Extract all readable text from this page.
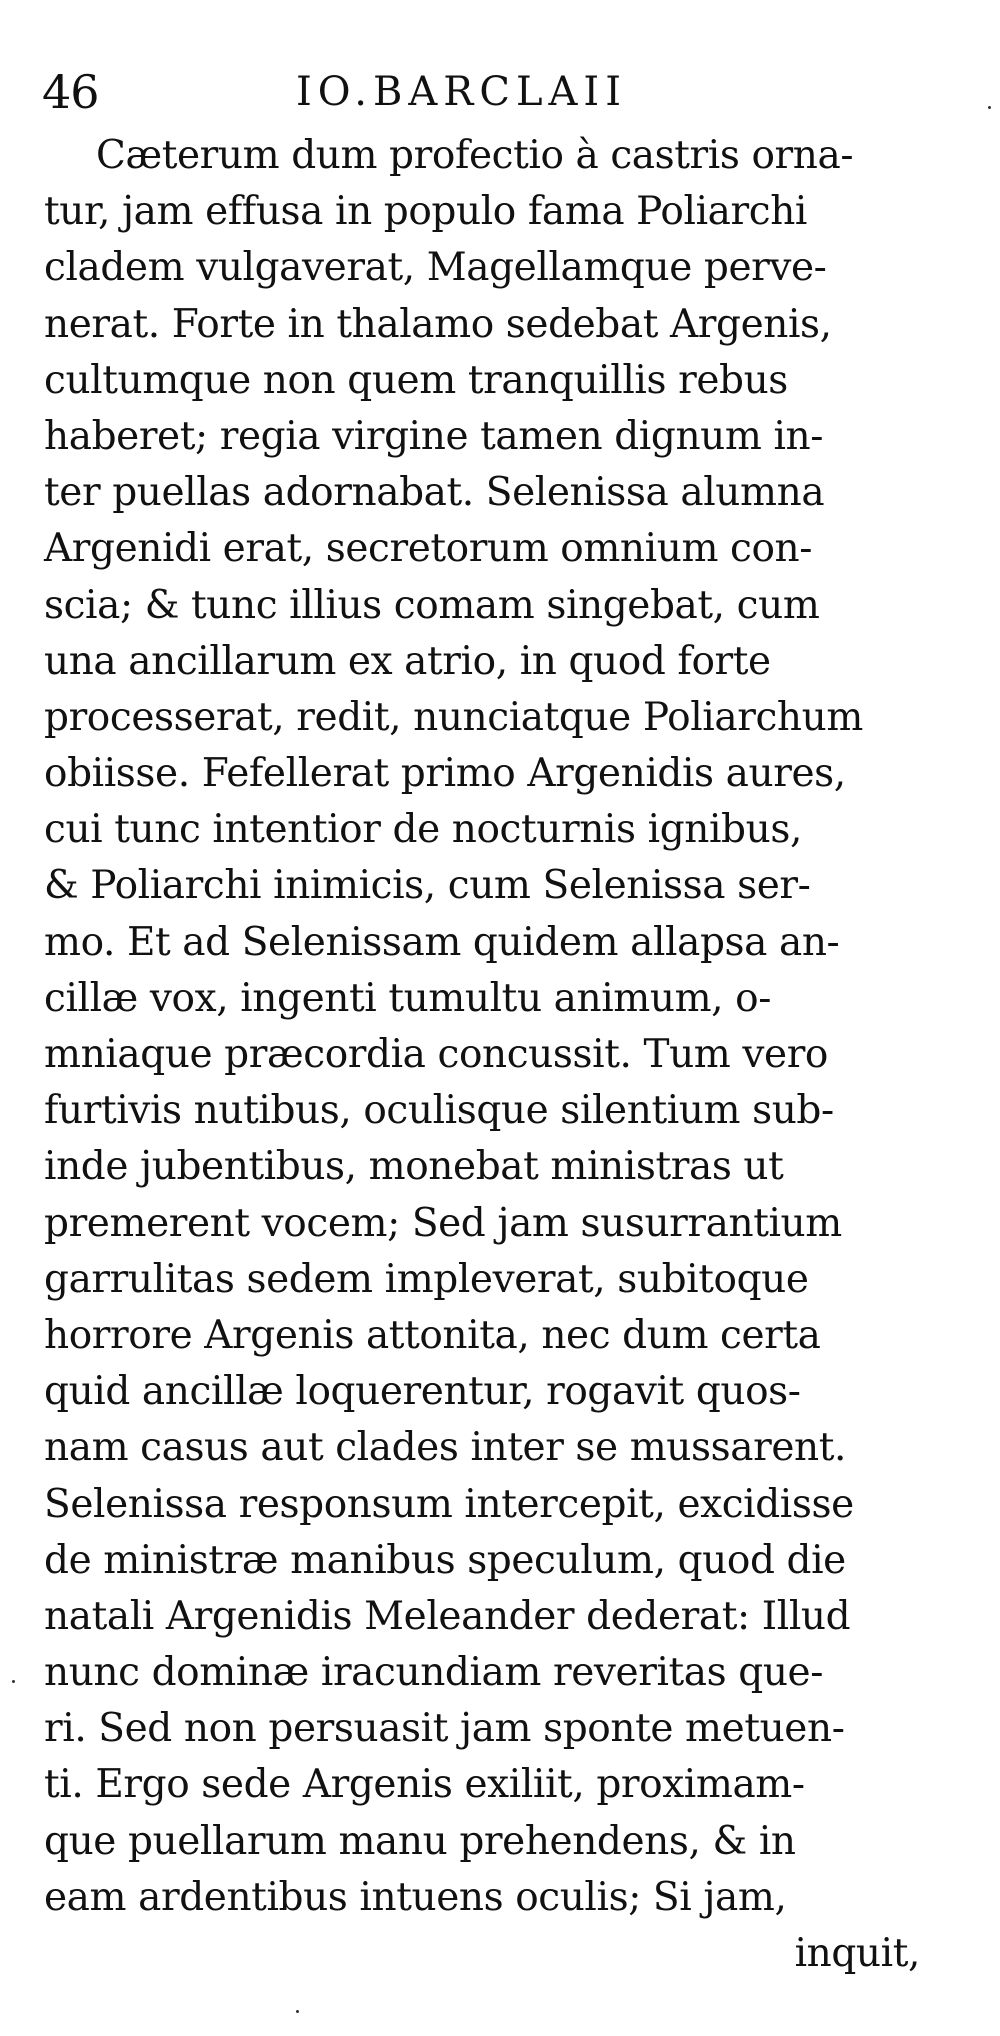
46	IO.BARCLAII
Cæterum dum profectio à castris orna-
tur, jam effusa in populo fama Poliarchi
cladem vulgaverat, Magellamque perve-
nerat. Forte in thalamo sedebat Argenis,
cultumque non quem tranquillis rebus
haberet; regia virgine tamen dignum in-
ter puellas adornabat. Selenissa alumna
Argenidi erat, secretorum omnium con-
scia; & tunc illius comam singebat, cum
una ancillarum ex atrio, in quod forte
processerat, redit, nunciatque Poliarchum
obiisse. Fefellerat primo Argenidis aures,
cui tunc intentior de nocturnis ignibus,
& Poliarchi inimicis, cum Selenissa ser-
mo. Et ad Selenissam quidem allapsa an-
cillæ vox, ingenti tumultu animum, o-
mniaque præcordia concussit. Tum vero
furtivis nutibus, oculisque silentium sub-
inde jubentibus, monebat ministras ut
premerent vocem; Sed jam susurrantium
garrulitas sedem impleverat, subitoque
horrore Argenis attonita, nec dum certa
quid ancillæ loquerentur, rogavit quos-
nam casus aut clades inter se mussarent.
Selenissa responsum intercepit, excidisse
de ministræ manibus speculum, quod die
natali Argenidis Meleander dederat: Illud
nunc dominæ iracundiam reveritas que-
ri. Sed non persuasit jam sponte metuen-
ti. Ergo sede Argenis exiliit, proximam-
que puellarum manu prehendens, & in
eam ardentibus intuens oculis; Si jam,
inquit,
